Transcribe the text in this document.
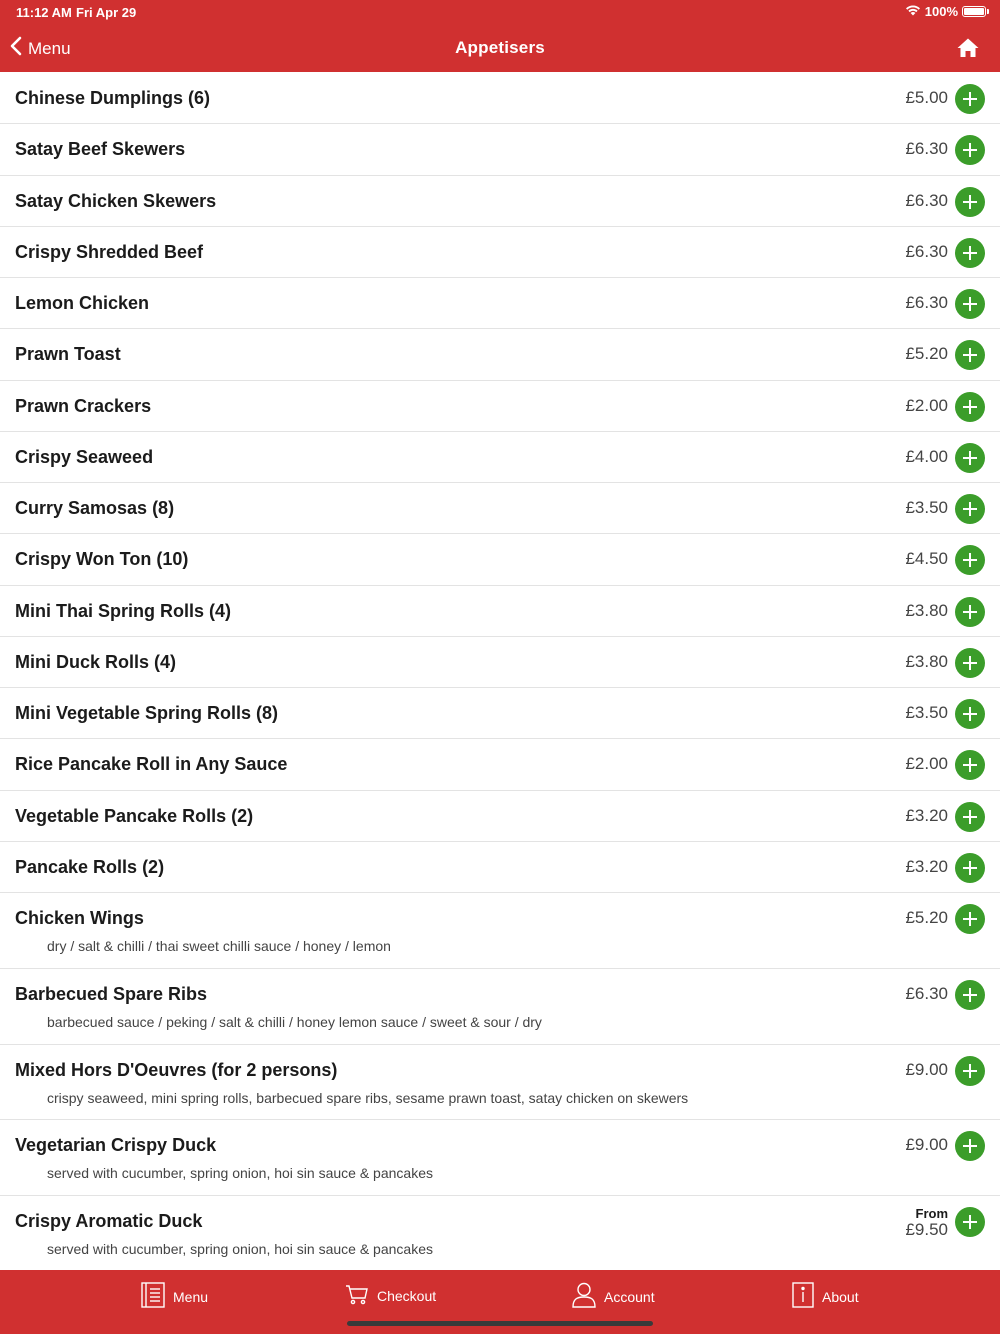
11:12 AM Fri Apr 29	100%
Menu	Appetisers
Chinese Dumplings (6)	£5.00
Satay Beef Skewers	£6.30
Satay Chicken Skewers	£6.30
Crispy Shredded Beef	£6.30
Lemon Chicken	£6.30
Prawn Toast	£5.20
Prawn Crackers	£2.00
Crispy Seaweed	£4.00
Curry Samosas (8)	£3.50
Crispy Won Ton (10)	£4.50
Mini Thai Spring Rolls (4)	£3.80
Mini Duck Rolls (4)	£3.80
Mini Vegetable Spring Rolls (8)	£3.50
Rice Pancake Roll in Any Sauce	£2.00
Vegetable Pancake Rolls (2)	£3.20
Pancake Rolls (2)	£3.20
Chicken Wings	£5.20
dry / salt & chilli / thai sweet chilli sauce / honey / lemon
Barbecued Spare Ribs	£6.30
barbecued sauce / peking / salt & chilli / honey lemon sauce / sweet & sour / dry
Mixed Hors D'Oeuvres (for 2 persons)	£9.00
crispy seaweed, mini spring rolls, barbecued spare ribs, sesame prawn toast, satay chicken on skewers
Vegetarian Crispy Duck	£9.00
served with cucumber, spring onion, hoi sin sauce & pancakes
Crispy Aromatic Duck	From
£9.50
served with cucumber, spring onion, hoi sin sauce & pancakes
Menu	Checkout	Account	About
